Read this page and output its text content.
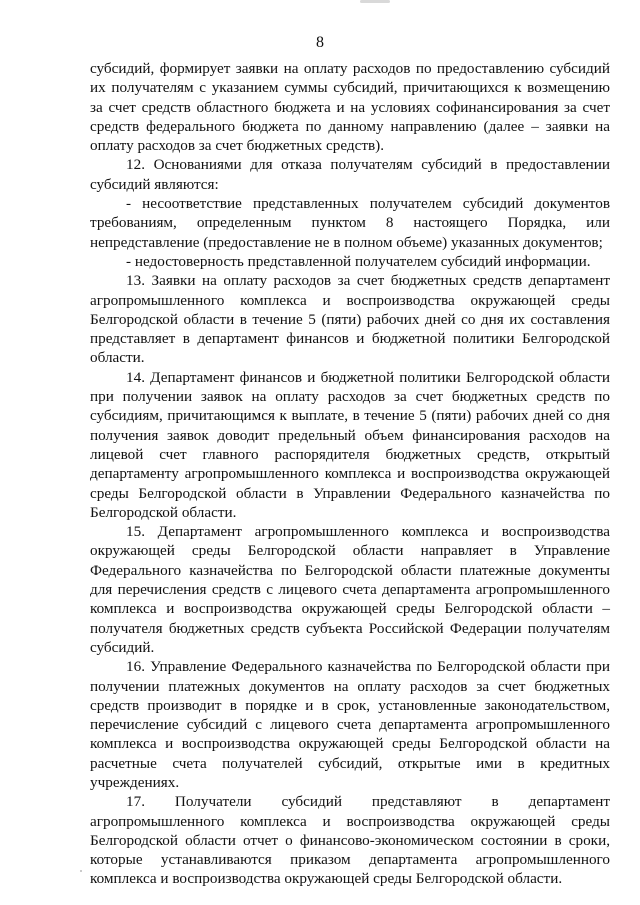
8

субсидий, формирует заявки на оплату расходов по предоставлению субсидий их получателям с указанием суммы субсидий, причитающихся к возмещению за счет средств областного бюджета и на условиях софинансирования за счет средств федерального бюджета по данному направлению (далее – заявки на оплату расходов за счет бюджетных средств).

12. Основаниями для отказа получателям субсидий в предоставлении субсидий являются:

- несоответствие представленных получателем субсидий документов требованиям, определенным пунктом 8 настоящего Порядка, или непредставление (предоставление не в полном объеме) указанных документов;

- недостоверность представленной получателем субсидий информации.

13. Заявки на оплату расходов за счет бюджетных средств департамент агропромышленного комплекса и воспроизводства окружающей среды Белгородской области в течение 5 (пяти) рабочих дней со дня их составления представляет в департамент финансов и бюджетной политики Белгородской области.

14. Департамент финансов и бюджетной политики Белгородской области при получении заявок на оплату расходов за счет бюджетных средств по субсидиям, причитающимся к выплате, в течение 5 (пяти) рабочих дней со дня получения заявок доводит предельный объем финансирования расходов на лицевой счет главного распорядителя бюджетных средств, открытый департаменту агропромышленного комплекса и воспроизводства окружающей среды Белгородской области в Управлении Федерального казначейства по Белгородской области.

15. Департамент агропромышленного комплекса и воспроизводства окружающей среды Белгородской области направляет в Управление Федерального казначейства по Белгородской области платежные документы для перечисления средств с лицевого счета департамента агропромышленного комплекса и воспроизводства окружающей среды Белгородской области – получателя бюджетных средств субъекта Российской Федерации получателям субсидий.

16. Управление Федерального казначейства по Белгородской области при получении платежных документов на оплату расходов за счет бюджетных средств производит в порядке и в срок, установленные законодательством, перечисление субсидий с лицевого счета департамента агропромышленного комплекса и воспроизводства окружающей среды Белгородской области на расчетные счета получателей субсидий, открытые ими в кредитных учреждениях.

17. Получатели субсидий представляют в департамент агропромышленного комплекса и воспроизводства окружающей среды Белгородской области отчет о финансово-экономическом состоянии в сроки, которые устанавливаются приказом департамента агропромышленного комплекса и воспроизводства окружающей среды Белгородской области.
